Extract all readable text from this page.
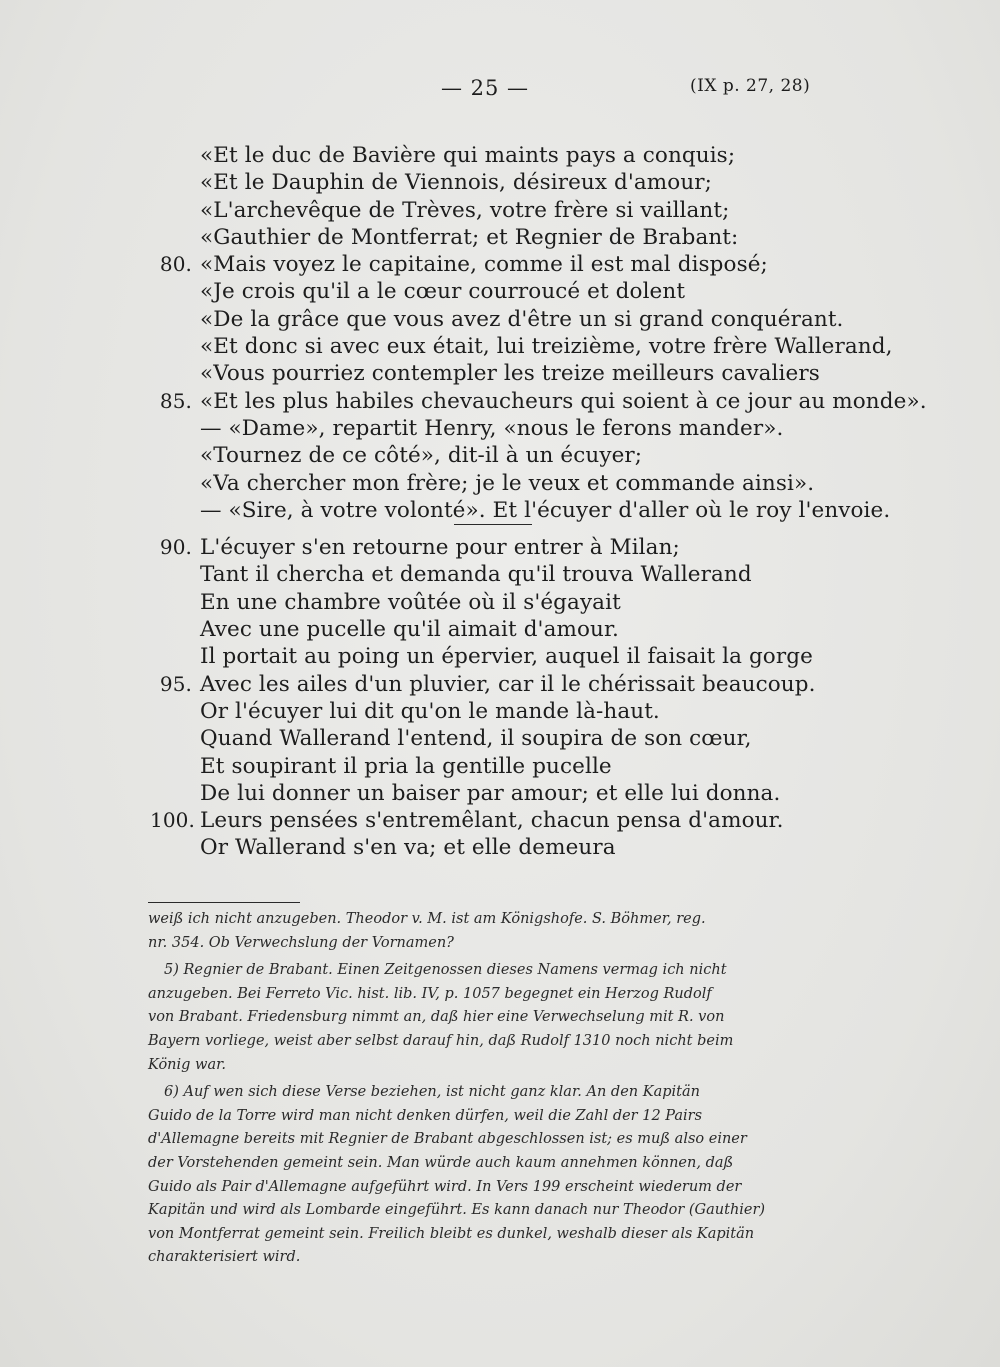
— 25 —	(IX p. 27, 28)
«Et le duc de Bavière qui maints pays a conquis;
«Et le Dauphin de Viennois, désireux d'amour;
«L'archevêque de Trèves, votre frère si vaillant;
«Gauthier de Montferrat; et Regnier de Brabant:
80. «Mais voyez le capitaine, comme il est mal disposé;
«Je crois qu'il a le cœur courroucé et dolent
«De la grâce que vous avez d'être un si grand conquérant.
«Et donc si avec eux était, lui treizième, votre frère Wallerand,
«Vous pourriez contempler les treize meilleurs cavaliers
85. «Et les plus habiles chevaucheurs qui soient à ce jour au monde».
— «Dame», repartit Henry, «nous le ferons mander».
«Tournez de ce côté», dit-il à un écuyer;
«Va chercher mon frère; je le veux et commande ainsi».
— «Sire, à votre volonté». Et l'écuyer d'aller où le roy l'envoie.
90. L'écuyer s'en retourne pour entrer à Milan;
Tant il chercha et demanda qu'il trouva Wallerand
En une chambre voûtée où il s'égayait
Avec une pucelle qu'il aimait d'amour.
Il portait au poing un épervier, auquel il faisait la gorge
95. Avec les ailes d'un pluvier, car il le chérissait beaucoup.
Or l'écuyer lui dit qu'on le mande là-haut.
Quand Wallerand l'entend, il soupira de son cœur,
Et soupirant il pria la gentille pucelle
De lui donner un baiser par amour; et elle lui donna.
100. Leurs pensées s'entremêlant, chacun pensa d'amour.
Or Wallerand s'en va; et elle demeura
weiß ich nicht anzugeben. Theodor v. M. ist am Königshofe. S. Böhmer, reg.
nr. 354. Ob Verwechslung der Vornamen?
5) Regnier de Brabant. Einen Zeitgenossen dieses Namens vermag ich nicht
anzugeben. Bei Ferreto Vic. hist. lib. IV, p. 1057 begegnet ein Herzog Rudolf
von Brabant. Friedensburg nimmt an, daß hier eine Verwechselung mit R. von
Bayern vorliege, weist aber selbst darauf hin, daß Rudolf 1310 noch nicht beim
König war.
6) Auf wen sich diese Verse beziehen, ist nicht ganz klar. An den Kapitän
Guido de la Torre wird man nicht denken dürfen, weil die Zahl der 12 Pairs
d'Allemagne bereits mit Regnier de Brabant abgeschlossen ist; es muß also einer
der Vorstehenden gemeint sein. Man würde auch kaum annehmen können, daß
Guido als Pair d'Allemagne aufgeführt wird. In Vers 199 erscheint wiederum der
Kapitän und wird als Lombarde eingeführt. Es kann danach nur Theodor (Gauthier)
von Montferrat gemeint sein. Freilich bleibt es dunkel, weshalb dieser als Kapitän
charakterisiert wird.
